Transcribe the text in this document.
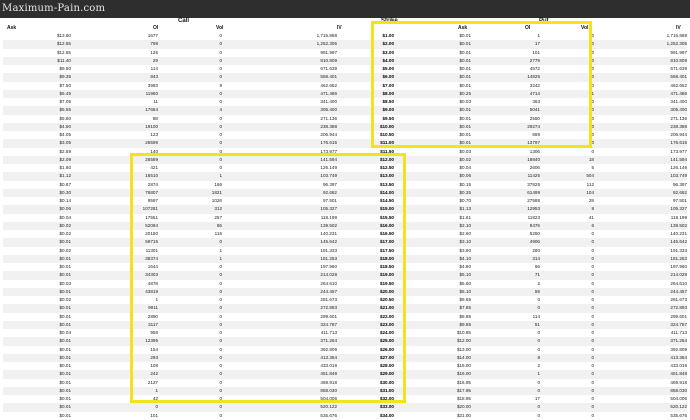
Maximum-Pain.com
Call	Strike	Put
Ask	OI	Vol	IV	Ask	OI	Vol	IV
$13.60	1677	0	1,715.868	$1.00	$0.01	1	0	1,715.868
$12.55	798	0	1,252.305	$2.00	$0.01	17	0	1,252.305
$12.55	126	0	991.997	$3.00	$0.01	101	0	991.997
$11.40	29	0	810.809	$4.00	$0.01	2779	0	810.809
$9.50	114	0	671.639	$5.00	$0.01	4572	0	671.639
$9.35	843	0	558.401	$6.00	$0.01	14825	0	558.401
$7.50	3993	9	462.652	$7.00	$0.01	3242	90	462.652
$6.45	11960	0	471.486	$8.00	$0.25	4714	1	471.486
$7.05	11	0	341.400	$8.50	$0.03	363	0	341.400
$5.55	17684	4	305.400	$9.00	$0.01	5041	0	305.400
$5.80	88	0	271.136	$9.50	$0.01	2550	0	271.136
$4.50	19100	0	238.388	$10.00	$0.01	29274	0	238.388
$4.05	123	0	206.944	$10.50	$0.01	669	0	206.944
$3.05	26599	0	176.615	$11.00	$0.01	13797	0	176.615
$2.59	140	0	173.977	$11.50	$0.03	1306	0	173.977
$2.09	26589	0	141.594	$12.00	$0.02	18840	18	141.594
$1.60	421	0	126.149	$12.50	$0.04	2606	5	126.149
$1.12	16510	1	103.749	$13.00	$0.06	11425	504	103.749
$0.67	2874	166	96.397	$13.50	$0.15	37825	112	96.397
$0.30	76807	1821	92.662	$14.00	$0.35	61499	104	92.662
$0.14	9597	1026	97.501	$14.50	$0.70	27588	28	97.501
$0.06	107281	312	105.327	$15.00	$1.13	12953	9	105.327
$0.04	17551	257	118.199	$15.50	$1.61	11823	41	118.199
$0.02	52094	86	139.502	$16.00	$2.10	8476	6	139.502
$0.02	20150	116	140.231	$16.50	$2.60	5250	0	140.231
$0.01	59715	0	145.642	$17.00	$3.10	4906	0	145.642
$0.02	11301	1	191.333	$17.50	$3.60	260	0	191.333
$0.01	38374	1	181.253	$18.00	$4.10	314	0	181.253
$0.01	1644	0	197.960	$18.50	$4.60	66	0	197.960
$0.01	34303	0	214.028	$19.00	$5.10	71	0	214.028
$0.03	4878	0	264.610	$19.50	$5.60	2	0	264.610
$0.01	43819	0	244.457	$20.00	$6.10	59	0	244.457
$0.02	1	0	281.673	$20.50	$6.65	0	0	281.673
$0.01	9911	0	272.893	$21.00	$7.85	0	0	272.893
$0.01	2890	0	299.601	$22.00	$8.85	114	0	299.601
$0.01	3117	0	324.787	$23.00	$9.85	51	0	324.787
$0.04	958	0	411.713	$24.00	$10.85	0	0	411.713
$0.01	12395	0	371.264	$25.00	$12.00	0	0	371.264
$0.01	154	0	392.809	$26.00	$13.00	0	0	392.809
$0.01	293	0	413.364	$27.00	$14.00	8	0	413.364
$0.01	108	0	433.019	$28.00	$15.00	2	0	433.019
$0.01	242	0	451.848	$29.00	$16.00	1	0	451.848
$0.01	2127	0	469.918	$30.00	$16.95	0	0	469.918
$0.01	1	0	858.030	$31.00	$17.95	0	0	858.030
$0.01	42	0	504.006	$32.00	$18.95	17	0	504.006
$0.01	0	0	520.122	$33.00	$20.00	0	0	520.122
$0.01	101	0	535.676	$34.00	$21.00	0	0	535.676
